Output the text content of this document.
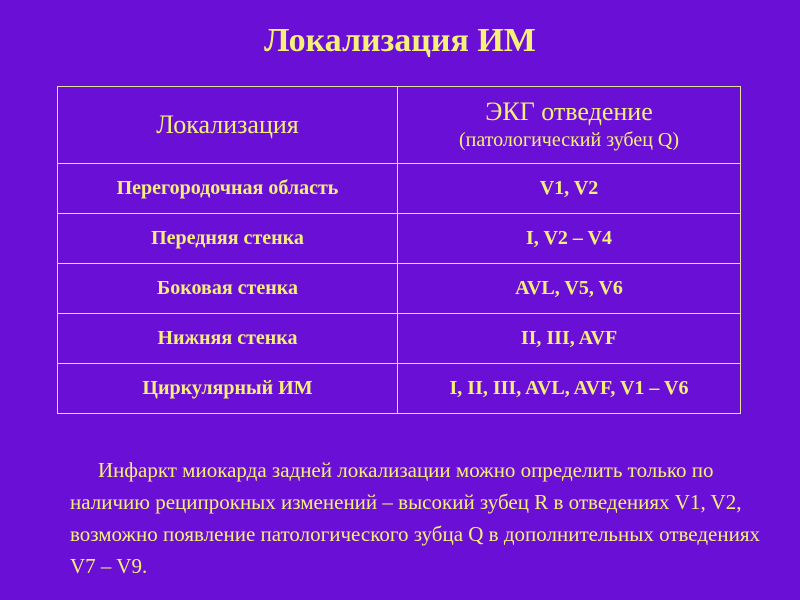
Локализация ИМ
Локализация	ЭКГ отведение
(патологический зубец Q)

Перегородочная область	V1, V2
Передняя стенка	I, V2 – V4
Боковая стенка	AVL, V5, V6
Нижняя стенка	II, III, AVF
Циркулярный ИМ	I, II, III, AVL, AVF, V1 – V6

Инфаркт миокарда задней локализации можно определить только по наличию реципрокных изменений – высокий зубец R в отведениях V1, V2, возможно появление патологического зубца Q в дополнительных отведениях V7 – V9.
